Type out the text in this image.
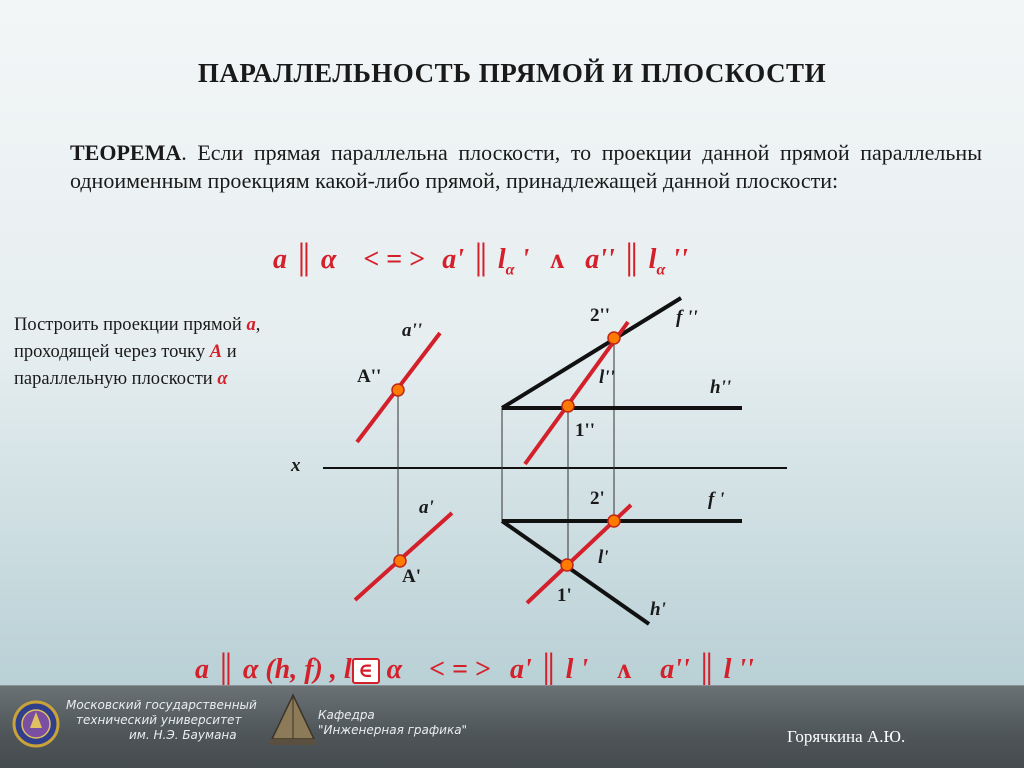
ПАРАЛЛЕЛЬНОСТЬ ПРЯМОЙ И ПЛОСКОСТИ
ТЕОРЕМА. Если прямая параллельна плоскости, то проекции данной прямой параллельны одноименным проекциям какой-либо прямой, принадлежащей данной плоскости:
a ║ α < = > a' ║ $l_\alpha$ ' ʌ a'' ║ $l_\alpha$ ''
Построить проекции прямой а,
проходящей через точку А и
параллельную плоскости α
a''
A''
2''	f ''
l''	h''
1''
x
a'	2'	f '
l'
A'
1'
h'
a ║ α (h, f) , l ∈ α < = > a' ║ l ' ʌ a'' ║ l ''
Московский государственный
технический университет
им. Н.Э. Баумана
Кафедра
"Инженерная графика"	Горячкина А.Ю.
